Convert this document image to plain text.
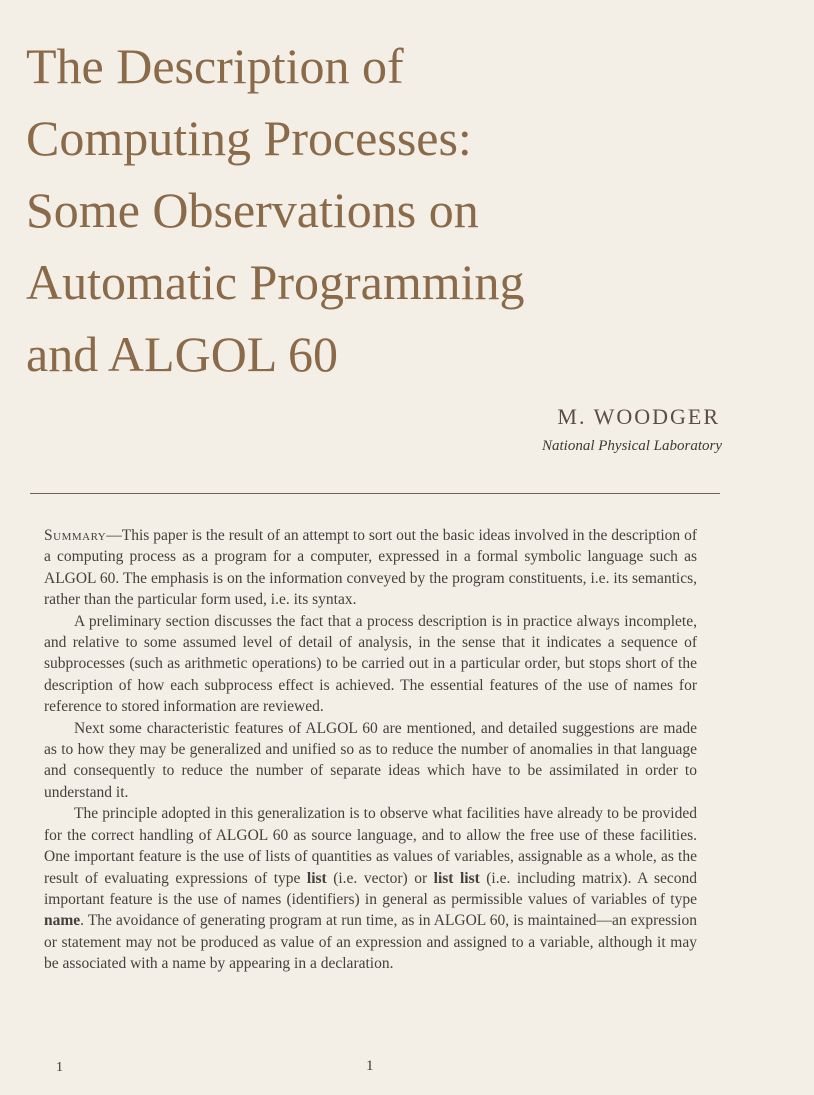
The Description of
Computing Processes:
Some Observations on
Automatic Programming
and ALGOL 60

M. WOODGER

National Physical Laboratory

Summary—This paper is the result of an attempt to sort out the basic ideas involved in the description of a computing process as a program for a computer, expressed in a formal symbolic language such as ALGOL 60. The emphasis is on the information conveyed by the program constituents, i.e. its semantics, rather than the particular form used, i.e. its syntax.

A preliminary section discusses the fact that a process description is in practice always incomplete, and relative to some assumed level of detail of analysis, in the sense that it indicates a sequence of subprocesses (such as arithmetic operations) to be carried out in a particular order, but stops short of the description of how each subprocess effect is achieved. The essential features of the use of names for reference to stored information are reviewed.

Next some characteristic features of ALGOL 60 are mentioned, and detailed suggestions are made as to how they may be generalized and unified so as to reduce the number of anomalies in that language and consequently to reduce the number of separate ideas which have to be assimilated in order to understand it.

The principle adopted in this generalization is to observe what facilities have already to be provided for the correct handling of ALGOL 60 as source language, and to allow the free use of these facilities. One important feature is the use of lists of quantities as values of variables, assignable as a whole, as the result of evaluating expressions of type list (i.e. vector) or list list (i.e. including matrix). A second important feature is the use of names (identifiers) in general as permissible values of variables of type name. The avoidance of generating program at run time, as in ALGOL 60, is maintained—an expression or statement may not be produced as value of an expression and assigned to a variable, although it may be associated with a name by appearing in a declaration.

1	1
